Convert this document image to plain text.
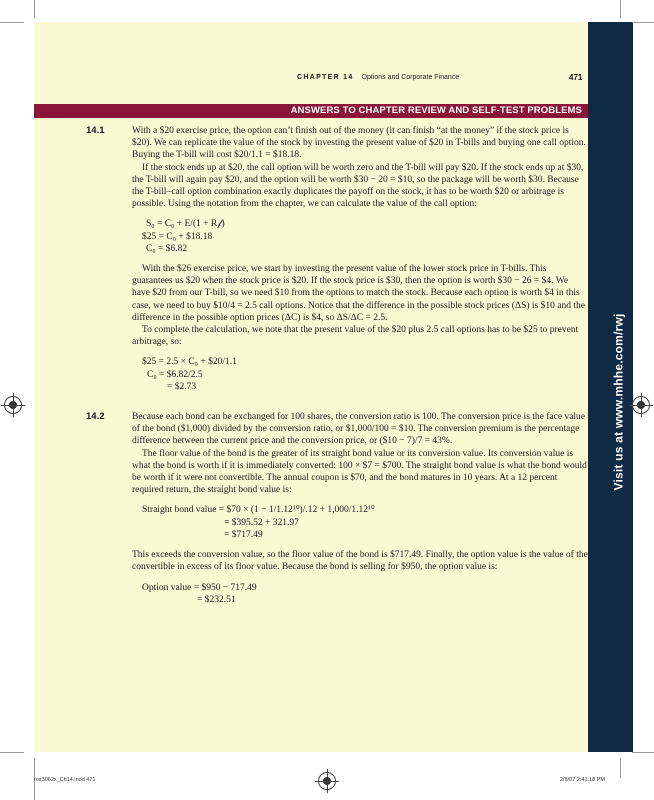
Visit us at www.mhhe.com/rwj
CHAPTER 14 Options and Corporate Finance	471
ANSWERS TO CHAPTER REVIEW AND SELF-TEST PROBLEMS
14.1	With a $20 exercise price, the option can’t finish out of the money (it can finish “at the money” if the stock price is $20). We can replicate the value of the stock by investing the present value of $20 in T-bills and buying one call option. Buying the T-bill will cost $20/1.1 = $18.18.

If the stock ends up at $20, the call option will be worth zero and the T-bill will pay $20. If the stock ends up at $30, the T-bill will again pay $20, and the option will be worth $30 − 20 = $10, so the package will be worth $30. Because the T-bill–call option combination exactly duplicates the payoff on the stock, it has to be worth $20 or arbitrage is possible. Using the notation from the chapter, we can calculate the value of the call option:

S₀ = C₀ + E/(1 + R𝒻)
$25 = C₀ + $18.18
C₀ = $6.82

With the $26 exercise price, we start by investing the present value of the lower stock price in T-bills. This guarantees us $20 when the stock price is $20. If the stock price is $30, then the option is worth $30 − 26 = $4. We have $20 from our T-bill, so we need $10 from the options to match the stock. Because each option is worth $4 in this case, we need to buy $10/4 = 2.5 call options. Notice that the difference in the possible stock prices (ΔS) is $10 and the difference in the possible option prices (ΔC) is $4, so ΔS/ΔC = 2.5.

To complete the calculation, we note that the present value of the $20 plus 2.5 call options has to be $25 to prevent arbitrage, so:

$25 = 2.5 × C₀ + $20/1.1
C₀ = $6.82/2.5
= $2.73
14.2	Because each bond can be exchanged for 100 shares, the conversion ratio is 100. The conversion price is the face value of the bond ($1,000) divided by the conversion ratio, or $1,000/100 = $10. The conversion premium is the percentage difference between the current price and the conversion price, or ($10 − 7)/7 = 43%.

The floor value of the bond is the greater of its straight bond value or its conversion value. Its conversion value is what the bond is worth if it is immediately converted: 100 × $7 = $700. The straight bond value is what the bond would be worth if it were not convertible. The annual coupon is $70, and the bond matures in 10 years. At a 12 percent required return, the straight bond value is:

Straight bond value = $70 × (1 − 1/1.12¹⁰)/.12 + 1,000/1.12¹⁰
= $395.52 + 321.97
= $717.49

This exceeds the conversion value, so the floor value of the bond is $717.49. Finally, the option value is the value of the convertible in excess of its floor value. Because the bond is selling for $950, the option value is:

Option value = $950 − 717.49
= $232.51
ros3062x_Ch14.indd 471	2/8/07 2:41:18 PM
